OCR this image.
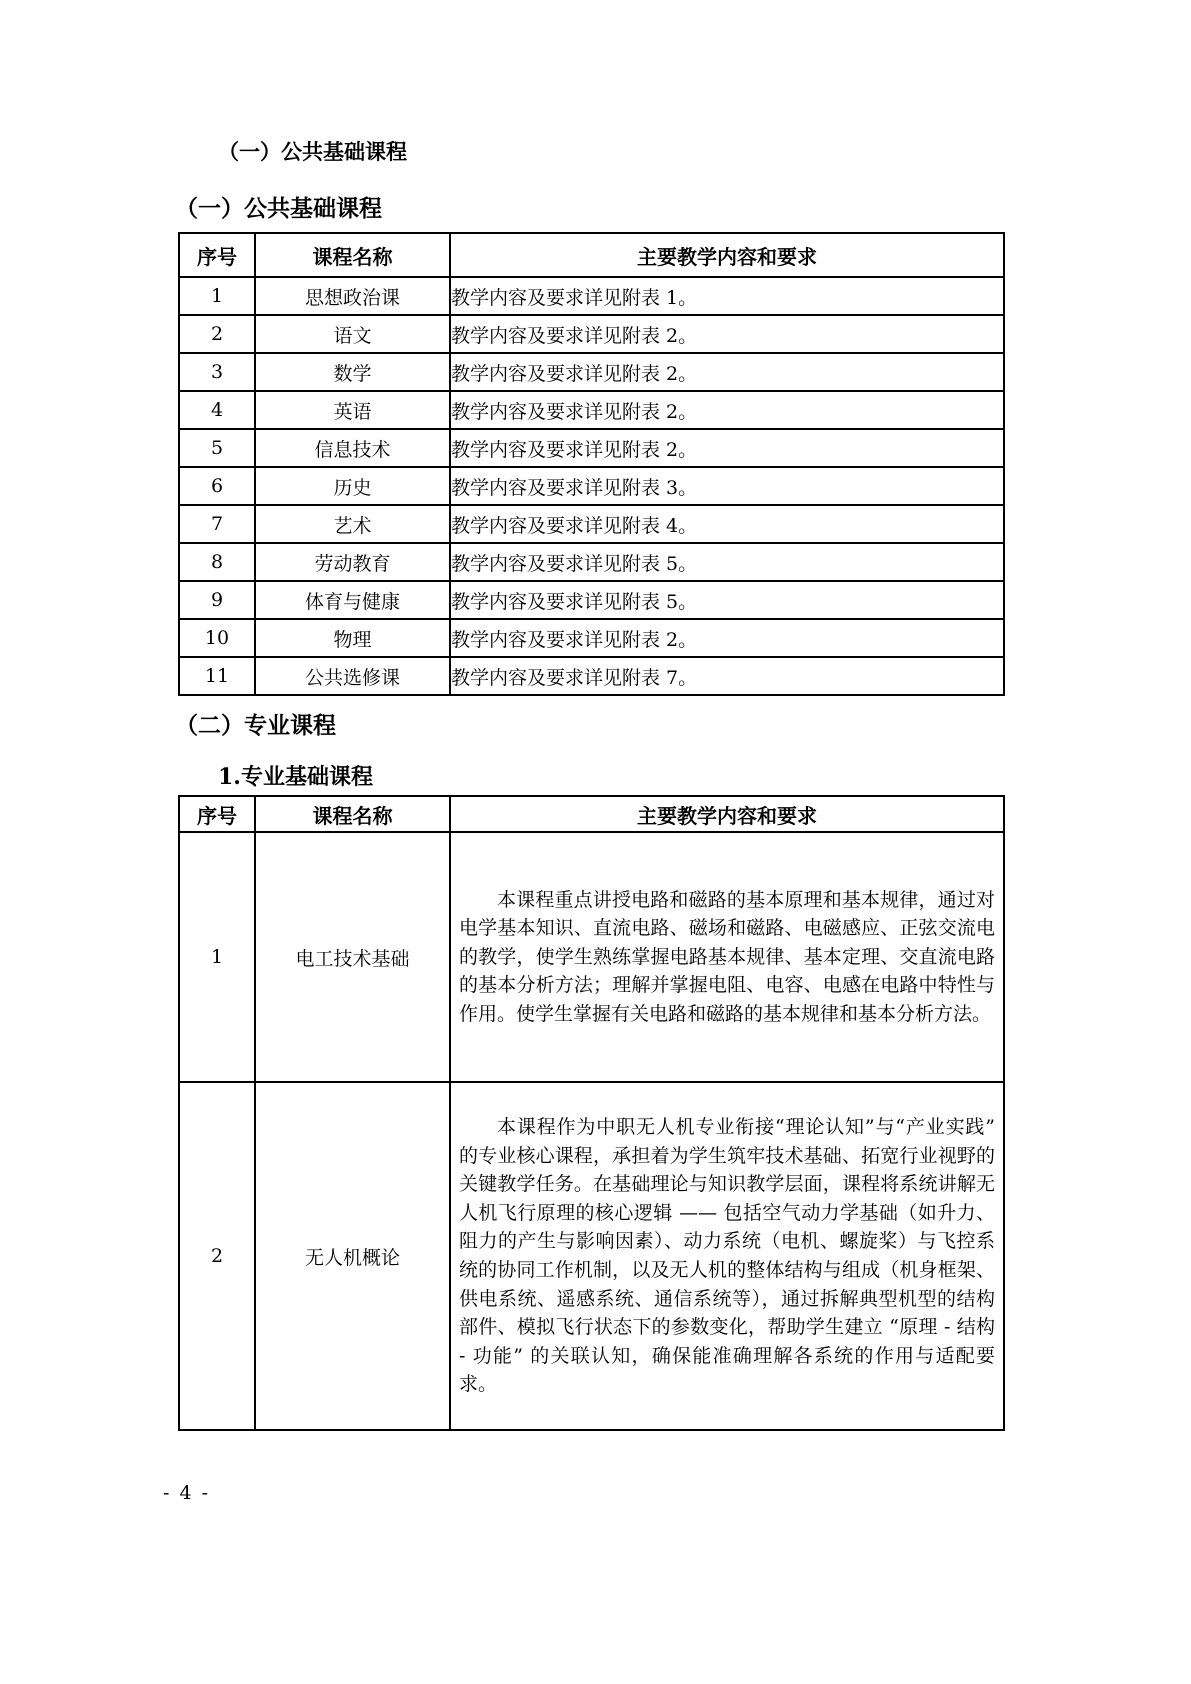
（一）公共基础课程
（一）公共基础课程
序号	课程名称	主要教学内容和要求
1	思想政治课	教学内容及要求详见附表 1。
2	语文	教学内容及要求详见附表 2。
3	数学	教学内容及要求详见附表 2。
4	英语	教学内容及要求详见附表 2。
5	信息技术	教学内容及要求详见附表 2。
6	历史	教学内容及要求详见附表 3。
7	艺术	教学内容及要求详见附表 4。
8	劳动教育	教学内容及要求详见附表 5。
9	体育与健康	教学内容及要求详见附表 5。
10	物理	教学内容及要求详见附表 2。
11	公共选修课	教学内容及要求详见附表 7。
（二）专业课程
1.专业基础课程
序号	课程名称	主要教学内容和要求
1	电工技术基础	本课程重点讲授电路和磁路的基本原理和基本规律，通过对电学基本知识、直流电路、磁场和磁路、电磁感应、正弦交流电的教学，使学生熟练掌握电路基本规律、基本定理、交直流电路的基本分析方法；理解并掌握电阻、电容、电感在电路中特性与作用。使学生掌握有关电路和磁路的基本规律和基本分析方法。

2	无人机概论	本课程作为中职无人机专业衔接“理论认知”与“产业实践” 的专业核心课程，承担着为学生筑牢技术基础、拓宽行业视野的关键教学任务。在基础理论与知识教学层面，课程将系统讲解无人机飞行原理的核心逻辑 —— 包括空气动力学基础（如升力、阻力的产生与影响因素）、动力系统（电机、螺旋桨）与飞控系统的协同工作机制，以及无人机的整体结构与组成（机身框架、供电系统、遥感系统、通信系统等），通过拆解典型机型的结构部件、模拟飞行状态下的参数变化，帮助学生建立 “原理 - 结构 - 功能” 的关联认知，确保能准确理解各系统的作用与适配要求。

- 4 -
